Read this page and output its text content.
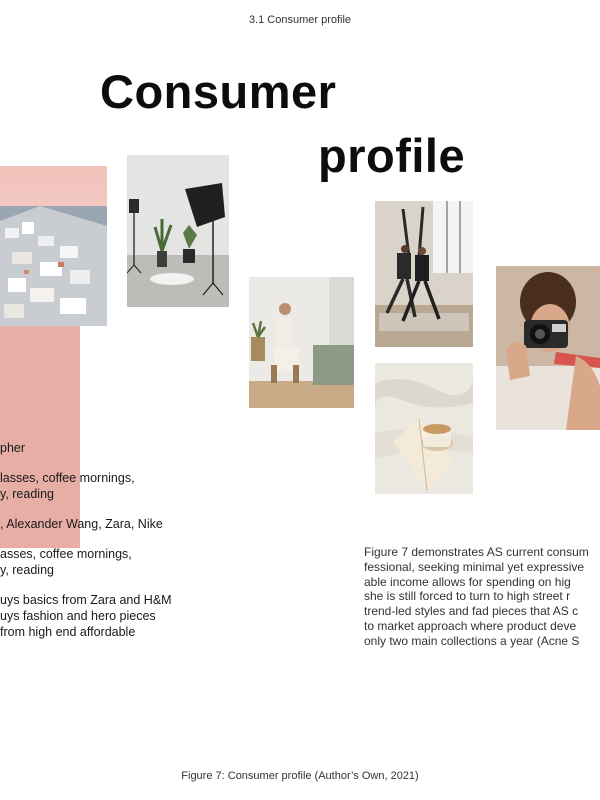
3.1 Consumer profile
Consumer
profile

pher

lasses, coffee mornings,

y, reading

, Alexander Wang, Zara, Nike

asses, coffee mornings,

y, reading

uys basics from Zara and H&M

uys fashion and hero pieces

from high end affordable

Figure 7 demonstrates AS current consum

fessional, seeking minimal yet expressive

able income allows for spending on hig

she is still forced to turn to high street r

trend-led styles and fad pieces that AS c

to market approach where product deve

only two main collections a year (Acne S

Figure 7: Consumer profile (Author’s Own, 2021)
